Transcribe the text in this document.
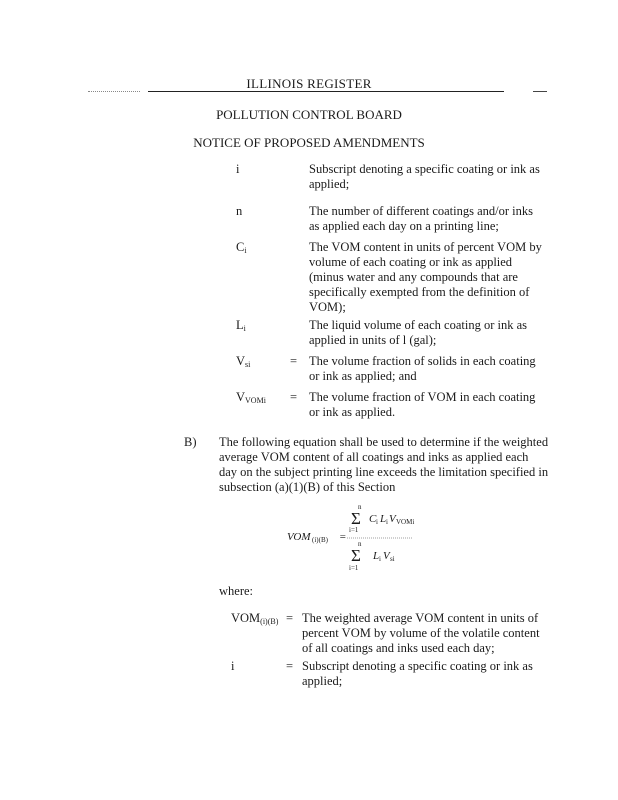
ILLINOIS REGISTER
POLLUTION CONTROL BOARD
NOTICE OF PROPOSED AMENDMENTS
i	Subscript denoting a specific coating or ink as applied;
n	The number of different coatings and/or inks as applied each day on a printing line;
$C_i$	The VOM content in units of percent VOM by volume of each coating or ink as applied (minus water and any compounds that are specifically exempted from the definition of VOM);
$L_i$	The liquid volume of each coating or ink as applied in units of l (gal);
$V_{si}$	= The volume fraction of solids in each coating or ink as applied; and
$V_{VOMi}$ = The volume fraction of VOM in each coating or ink as applied.
B) The following equation shall be used to determine if the weighted average VOM content of all coatings and inks as applied each day on the subject printing line exceeds the limitation specified in subsection (a)(1)(B) of this Section
n
Σ
i=1
C i L i V VOMi
VOM (i)(B) =
n
Σ
i=1
L i V si
where:
$VOM_{(i)(B)}$ = The weighted average VOM content in units of percent VOM by volume of the volatile content of all coatings and inks used each day;
i	= Subscript denoting a specific coating or ink as applied;
